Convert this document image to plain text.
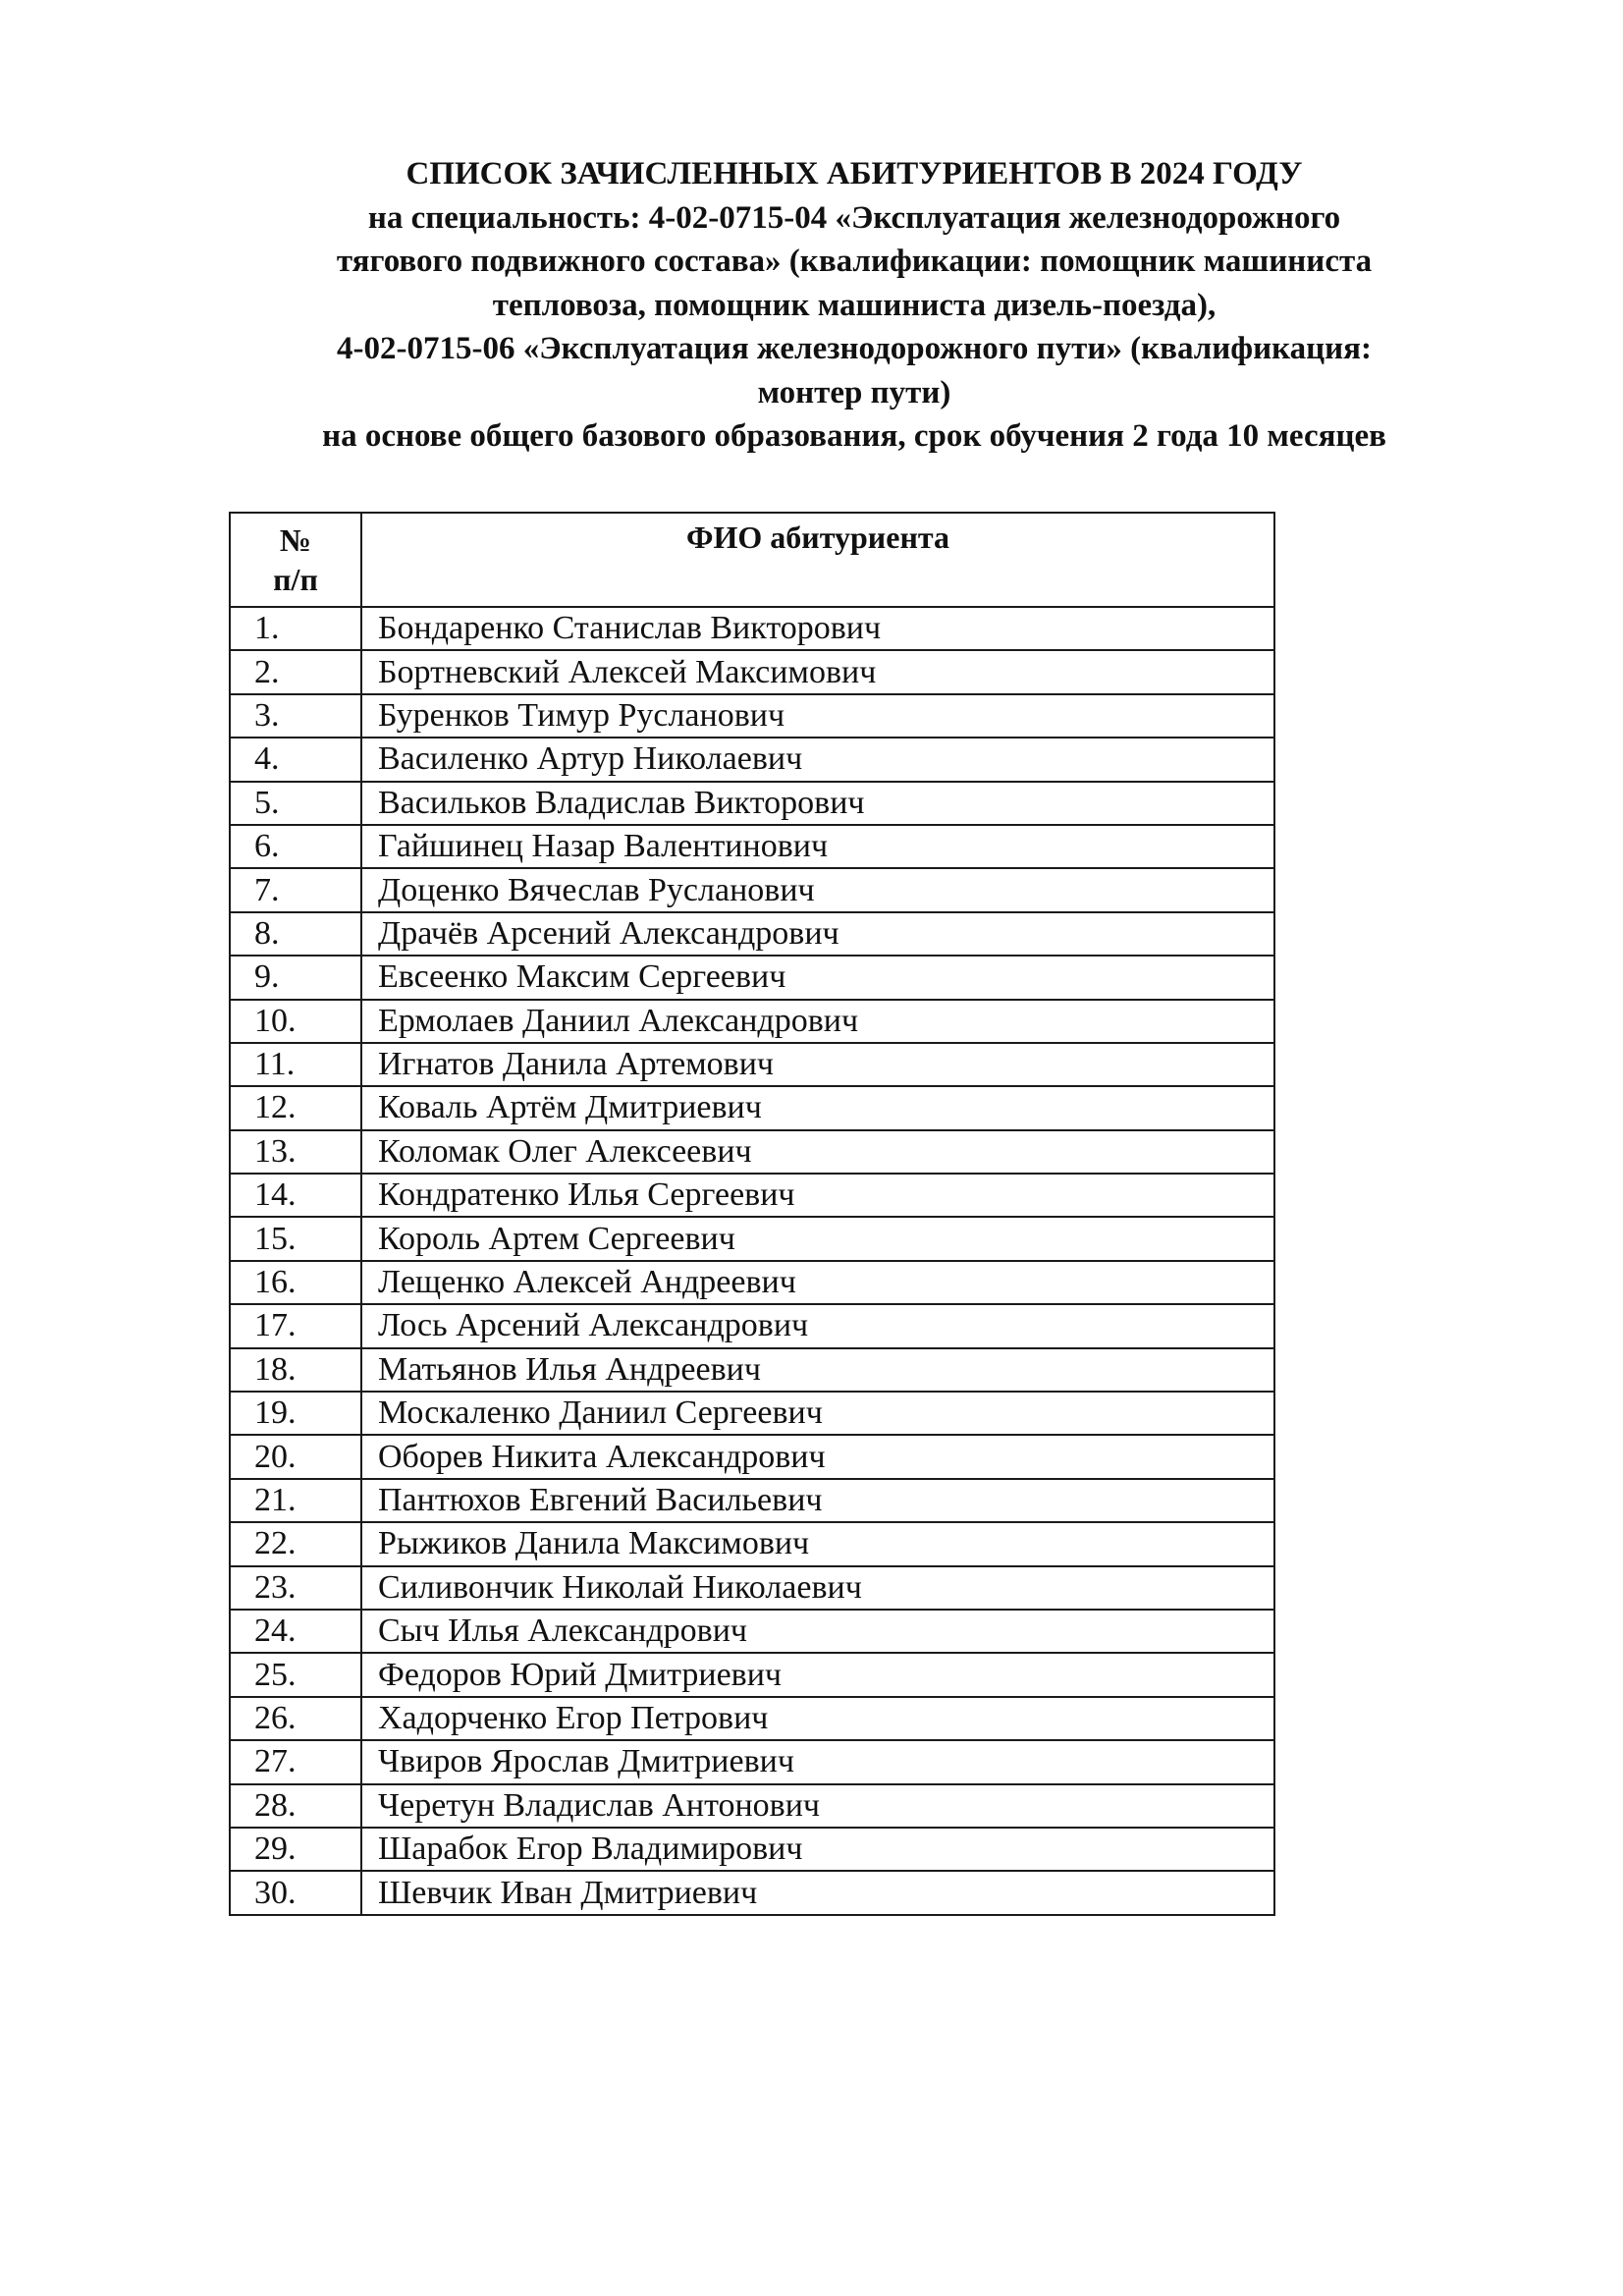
СПИСОК ЗАЧИСЛЕННЫХ АБИТУРИЕНТОВ В 2024 ГОДУ
на специальность: 4-02-0715-04 «Эксплуатация железнодорожного
тягового подвижного состава» (квалификации: помощник машиниста
тепловоза, помощник машиниста дизель-поезда),
4-02-0715-06 «Эксплуатация железнодорожного пути» (квалификация:
монтер пути)
на основе общего базового образования, срок обучения 2 года 10 месяцев
№
п/п	ФИО абитуриента
1.	Бондаренко Станислав Викторович
2.	Бортневский Алексей Максимович
3.	Буренков Тимур Русланович
4.	Василенко Артур Николаевич
5.	Васильков Владислав Викторович
6.	Гайшинец Назар Валентинович
7.	Доценко Вячеслав Русланович
8.	Драчёв Арсений Александрович
9.	Евсеенко Максим Сергеевич
10.	Ермолаев Даниил Александрович
11.	Игнатов Данила Артемович
12.	Коваль Артём Дмитриевич
13.	Коломак Олег Алексеевич
14.	Кондратенко Илья Сергеевич
15.	Король Артем Сергеевич
16.	Лещенко Алексей Андреевич
17.	Лось Арсений Александрович
18.	Матьянов Илья Андреевич
19.	Москаленко Даниил Сергеевич
20.	Оборев Никита Александрович
21.	Пантюхов Евгений Васильевич
22.	Рыжиков Данила Максимович
23.	Силивончик Николай Николаевич
24.	Сыч Илья Александрович
25.	Федоров Юрий Дмитриевич
26.	Хадорченко Егор Петрович
27.	Чвиров Ярослав Дмитриевич
28.	Черетун Владислав Антонович
29.	Шарабок Егор Владимирович
30.	Шевчик Иван Дмитриевич
